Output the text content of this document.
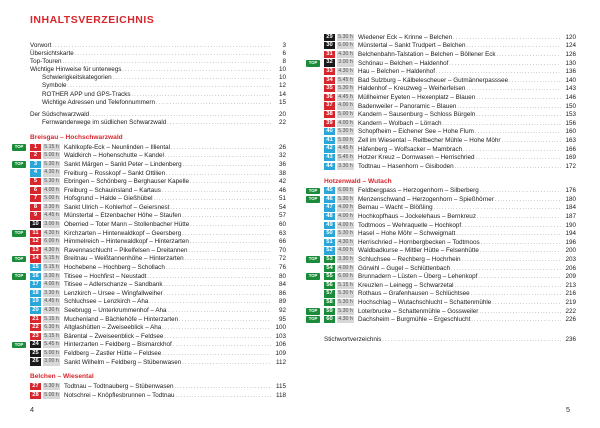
INHALTSVERZEICHNIS
Vorwort . . .	3
Übersichtskarte . . .	6
Top-Touren . . .	8
Wichtige Hinweise für unterwegs . . .	10
Schwierigkeitskategorien . . .	10
Symbole . . .	12
ROTHER APP und GPS-Tracks . . .	14
Wichtige Adressen und Telefonnummern . . .	15
Der Südschwarzwald . . .	20
Fernwanderwege im südlichen Schwarzwald . . .	22
Breisgau – Hochschwarzwald
TOP	1	5.15 h Kahlkopfe-Eck – Neunlinden – Illiental . . .	26
2	5.00 h Waldkirch – Hohenschutte – Kandel . . .	32
TOP	3	5.30 h Sankt Märgen – Sankt Peter – Lindenberg . . .	36
4	4.30 h Freiburg – Rosskopf – Sankt Ottilien . . .	38
5	5.30 h Ebringen – Schönberg – Berghauser Kapelle . . .	42
6	4.00 h Freiburg – Schauinsland – Kartaus . . .	46
7	5.00 h Hofsgrund – Halde – Gießhübel . . .	51
8	3.30 h Sankt Ulrich – Kohlerhof – Geiersnest . . .	54
9	4.45 h Münstertal – Etzenbacher Höhe – Staufen . . .	57
10	3.00 h Oberried – Toter Mann – Stollenbacher Hütte . . .	60
TOP	11	4.30 h Kirchzarten – Hinterwaldkopf – Geersberg . . .	63
12	6.00 h Himmelreich – Hinterwaldkopf – Hinterzarten . . .	66
13	4.30 h Ravennaschlucht – Pikelfelsen – Dreitannen . . .	70
TOP	14	5.15 h Breitnau – Weißtannenhöhe – Hinterzarten . . .	72
15	5.15 h Hochebene – Hochberg – Schollach . . .	76
TOP	16	3.30 h Titisee – Hochfirst – Neustadt . . .	80
17	4.00 h Titisee – Adlerschanze – Sandbank . . .	84
18	3.30 h Lenzkirch – Ursee – Wingfallweiher . . .	86
19	4.45 h Schluchsee – Lenzkirch – Aha . . .	89
20	4.30 h Seebrugg – Unterkrummenhof – Aha . . .	92
21	5.15 h Muchenland – Bächlehöfe – Hinterzarten . . .	95
22	6.30 h Altglashütten – Zweiseeblick – Aha . . .	100
23	5.15 h Bärental – Zweiseenblick – Feldsee . . .	103
TOP	24	5.45 h Hinterzarten – Feldberg – Bismarckhof . . .	106
25	5.00 h Feldberg – Zastler Hütte – Feldsee . . .	109
26	3.00 h Sankt Wilhelm – Feldberg – Stübenwasen . . .	112
Belchen – Wiesental
27	5.30 h Todtnau – Todtnauberg – Stübenwasen . . .	115
28	5.00 h Notschrei – Knöpflesbrunnen – Todtnau . . .	118
4
29	5.30 h Wiedener Eck – Krinne – Belchen . . .	120
30	6.00 h Münstertal – Sankt Trudpert – Belchen . . .	124
31	4.30 h Belchenbahn-Talstation – Belchen – Böllener Eck . . .	126
TOP	32	3.00 h Schönau – Belchen – Haldenhof . . .	130
33	4.30 h Hau – Belchen – Haldenhof . . .	136
34	5.45 h Bad Sulzburg – Kälbelescheuer – Gutmännerpasssee . . .	140
35	5.30 h Haldenhof – Kreuzweg – Weiherfelsen . . .	143
36	4.45 h Müllheimer Eyeten – Hexenplatz – Blauen . . .	146
37	4.00 h Badenweiler – Panoramic – Blauen . . .	150
38	5.00 h Kandern – Sausenburg – Schloss Bürgeln . . .	153
39	4.00 h Kandern – Wolbach – Lörrach . . .	156
40	5.30 h Schopfheim – Eichener See – Hohe Flum . . .	160
41	5.00 h Zell im Wiesental – Reitbecher Mühle – Hohe Möhr . . .	163
42	4.45 h Häfenberg – Wolfsacker – Mambrach . . .	166
43	5.45 h Hotzer Kreuz – Dornwasen – Herrischried . . .	169
44	3.30 h Todtnau – Hasenhorn – Gisiboden . . .	172
Hotzenwald – Wutach
TOP	45	6.00 h Feldbergpass – Herzogenhorn – Silberberg . . .	176
TOP	46	5.30 h Menzenschwand – Herzogenhorn – Spießhörner . . .	180
47	4.00 h Bernau – Wacht – Blößling . . .	184
48	4.00 h Hochkopfhaus – Jockelehaus – Bernkreuz . . .	187
49	4.00 h Todtmoos – Wehraquelle – Hochkopf . . .	190
50	5.30 h Hasel – Hohe Möhr – Schweigmatt . . .	194
51	4.30 h Herrischried – Hornbergbecken – Todtmoos . . .	196
52	4.00 h Waldbadkurse – Mittler Hütte – Felsenhütte . . .	200
TOP	53	3.30 h Schluchsee – Rechberg – Hochrhein . . .	203
54	4.00 h Görwihl – Gugel – Schlüttenbach . . .	206
TOP	55	6.00 h Brunnadern – Lüsten – Überg – Lehenkopf . . .	209
56	5.15 h Kreuzlen – Leinegg – Schwarzetal . . .	213
57	5.30 h Rothaus – Grafenhausen – Schlüchtsee . . .	216
58	5.30 h Hochschlag – Wutachschlucht – Schattenmühle . . .	219
TOP	59	5.30 h Loterbrucke – Schattenmühle – Gossweiler . . .	222
TOP	60	4.30 h Dachsheim – Burgmühle – Ergeschlucht . . .	226
Stichwortverzeichnis . . .	236
5
